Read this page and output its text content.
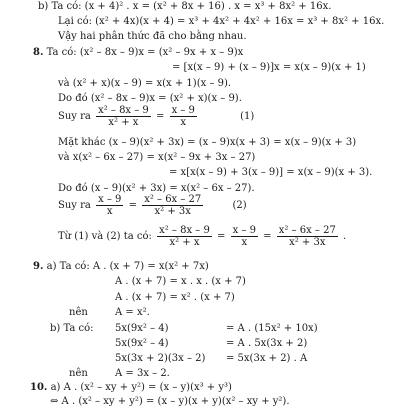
b) Ta có: (x + 4)² . x = (x² + 8x + 16) . x = x³ + 8x² + 16x.
Lại có: (x² + 4x)(x + 4) = x³ + 4x² + 4x² + 16x = x³ + 8x² + 16x.
Vậy hai phân thức đã cho bằng nhau.
8. Ta có: (x² – 8x – 9)x = (x² – 9x + x – 9)x
= [x(x – 9) + (x – 9)]x = x(x – 9)(x + 1)
và (x² + x)(x – 9) = x(x + 1)(x – 9).
Do đó (x² – 8x – 9)x = (x² + x)(x – 9).
Suy ra $\frac{\text{x² – 8x – 9}}{\text{x² + x}} = \frac{x - 9}{x}$	(1)
Mặt khác (x – 9)(x² + 3x) = (x – 9)x(x + 3) = x(x – 9)(x + 3)
và x(x² – 6x – 27) = x(x² – 9x + 3x – 27)
= x[x(x – 9) + 3(x – 9)] = x(x – 9)(x + 3).
Do đó (x – 9)(x² + 3x) = x(x² – 6x – 27).
Suy ra $\frac{x - 9}{x} = \frac{\text{x² – 6x – 27}}{\text{x² + 3x}}$	(2)
Từ (1) và (2) ta có: $\frac{\text{x² – 8x – 9}}{\text{x² + x}} = \frac{x - 9}{x} = \frac{\text{x² – 6x – 27}}{\text{x² + 3x}}$ .
9. a) Ta có: A . (x + 7) = x(x² + 7x)
A . (x + 7) = x . x . (x + 7)
A . (x + 7) = x² . (x + 7)
nên	A = x².
b) Ta có: 5x(9x² – 4)	= A . (15x² + 10x)
5x(9x² – 4)	= A . 5x(3x + 2)
5x(3x + 2)(3x – 2) = 5x(3x + 2) . A
nên	A = 3x – 2.
10. a) A . (x² – xy + y²) = (x – y)(x³ + y³)
⇔ A . (x² – xy + y²) = (x – y)(x + y)(x² – xy + y²).
